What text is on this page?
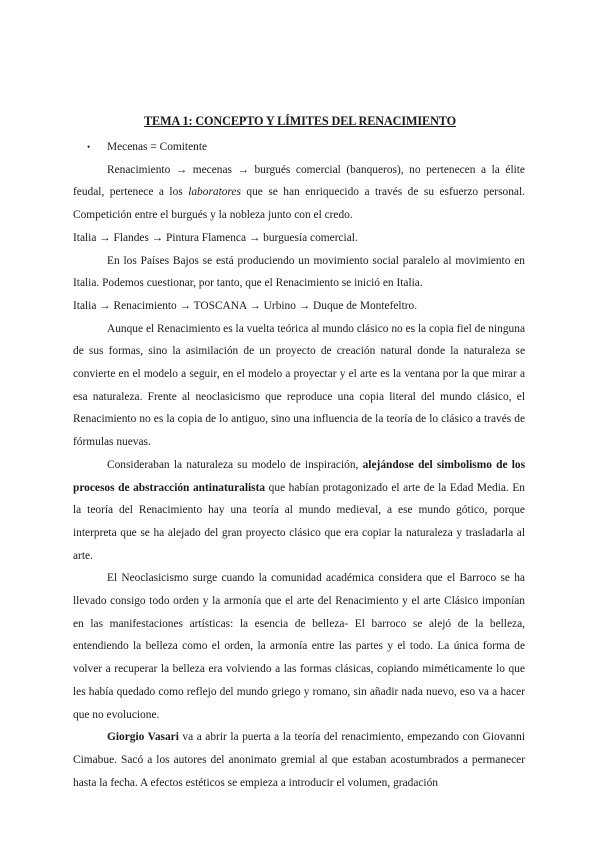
TEMA 1: CONCEPTO Y LÍMITES DEL RENACIMIENTO

• Mecenas = Comitente

Renacimiento → mecenas → burgués comercial (banqueros), no pertenecen a la élite feudal, pertenece a los laboratores que se han enriquecido a través de su esfuerzo personal. Competición entre el burgués y la nobleza junto con el credo.

Italia → Flandes → Pintura Flamenca → burguesía comercial.

En los Países Bajos se está produciendo un movimiento social paralelo al movimiento en Italia. Podemos cuestionar, por tanto, que el Renacimiento se inició en Italia.

Italia → Renacimiento → TOSCANA → Urbino → Duque de Montefeltro.

Aunque el Renacimiento es la vuelta teórica al mundo clásico no es la copia fiel de ninguna de sus formas, sino la asimilación de un proyecto de creación natural donde la naturaleza se convierte en el modelo a seguir, en el modelo a proyectar y el arte es la ventana por la que mirar a esa naturaleza. Frente al neoclasicismo que reproduce una copia literal del mundo clásico, el Renacimiento no es la copia de lo antiguo, sino una influencia de la teoría de lo clásico a través de fórmulas nuevas.

Consideraban la naturaleza su modelo de inspiración, alejándose del simbolismo de los procesos de abstracción antinaturalista que habían protagonizado el arte de la Edad Media. En la teoría del Renacimiento hay una teoría al mundo medieval, a ese mundo gótico, porque interpreta que se ha alejado del gran proyecto clásico que era copiar la naturaleza y trasladarla al arte.

El Neoclasicismo surge cuando la comunidad académica considera que el Barroco se ha llevado consigo todo orden y la armonía que el arte del Renacimiento y el arte Clásico imponían en las manifestaciones artísticas: la esencia de belleza- El barroco se alejó de la belleza, entendiendo la belleza como el orden, la armonía entre las partes y el todo. La única forma de volver a recuperar la belleza era volviendo a las formas clásicas, copiando miméticamente lo que les había quedado como reflejo del mundo griego y romano, sin añadir nada nuevo, eso va a hacer que no evolucione.

Giorgio Vasari va a abrir la puerta a la teoría del renacimiento, empezando con Giovanni Cimabue. Sacó a los autores del anonimato gremial al que estaban acostumbrados a permanecer hasta la fecha. A efectos estéticos se empieza a introducir el volumen, gradación
